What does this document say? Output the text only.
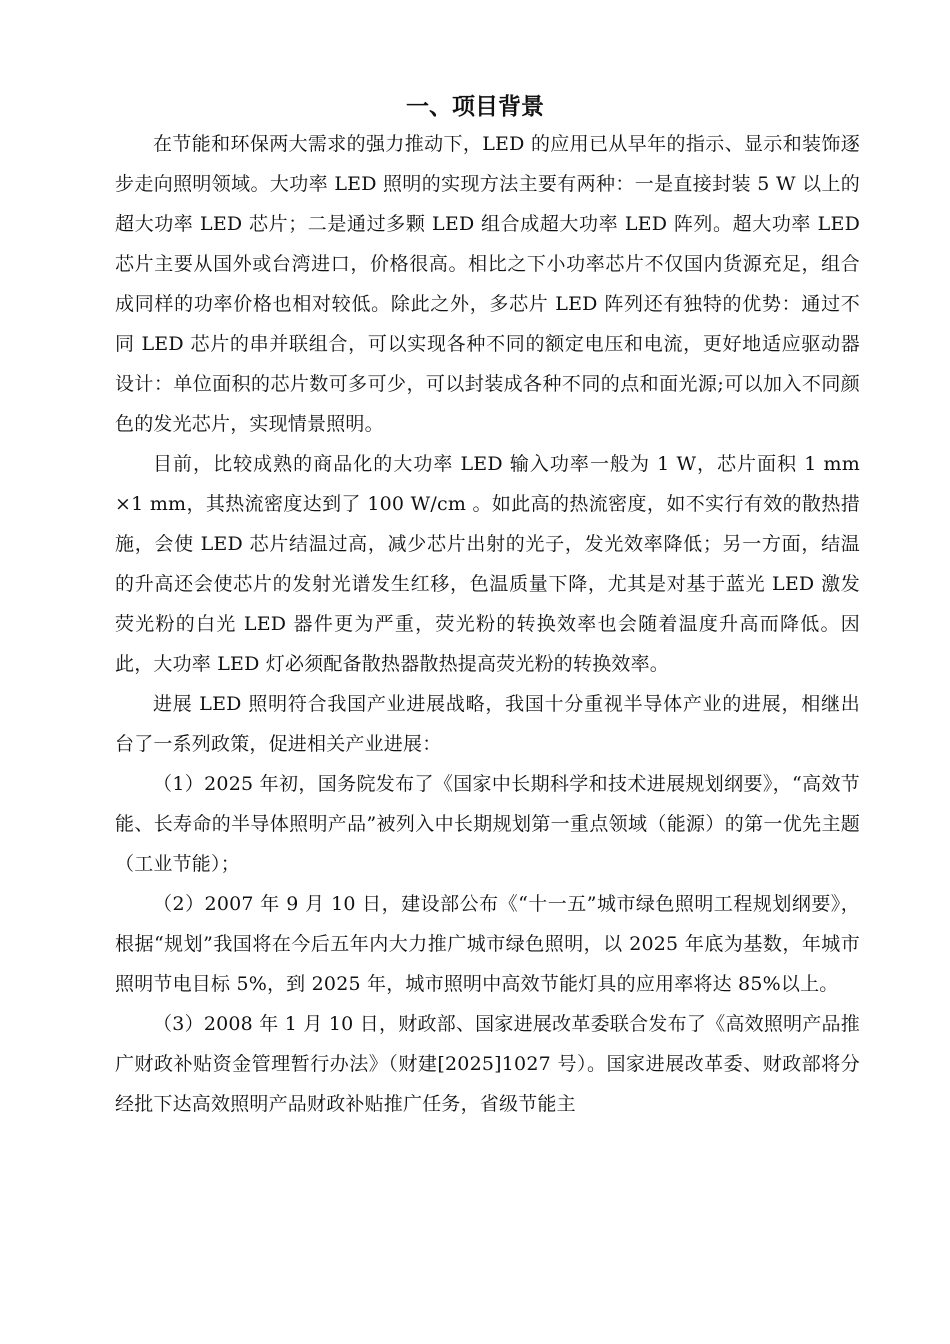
一、项目背景

在节能和环保两大需求的强力推动下，LED 的应用已从早年的指示、显示和装饰逐步走向照明领域。大功率 LED 照明的实现方法主要有两种：一是直接封装 5 W 以上的超大功率 LED 芯片；二是通过多颗 LED 组合成超大功率 LED 阵列。超大功率 LED 芯片主要从国外或台湾进口，价格很高。相比之下小功率芯片不仅国内货源充足，组合成同样的功率价格也相对较低。除此之外，多芯片 LED 阵列还有独特的优势：通过不同 LED 芯片的串并联组合，可以实现各种不同的额定电压和电流，更好地适应驱动器设计：单位面积的芯片数可多可少，可以封装成各种不同的点和面光源;可以加入不同颜色的发光芯片，实现情景照明。

目前，比较成熟的商品化的大功率 LED 输入功率一般为 1 W，芯片面积 1 mm ×1 mm，其热流密度达到了 100 W/cm 。如此高的热流密度，如不实行有效的散热措施，会使 LED 芯片结温过高，减少芯片出射的光子，发光效率降低；另一方面，结温的升高还会使芯片的发射光谱发生红移，色温质量下降，尤其是对基于蓝光 LED 激发荧光粉的白光 LED 器件更为严重，荧光粉的转换效率也会随着温度升高而降低。因此，大功率 LED 灯必须配备散热器散热提高荧光粉的转换效率。

进展 LED 照明符合我国产业进展战略，我国十分重视半导体产业的进展，相继出台了一系列政策，促进相关产业进展：

（1）2025 年初，国务院发布了《国家中长期科学和技术进展规划纲要》，“高效节能、长寿命的半导体照明产品”被列入中长期规划第一重点领域（能源）的第一优先主题（工业节能）；

（2）2007 年 9 月 10 日，建设部公布《“十一五”城市绿色照明工程规划纲要》，根据“规划”我国将在今后五年内大力推广城市绿色照明，以 2025 年底为基数，年城市照明节电目标 5%，到 2025 年，城市照明中高效节能灯具的应用率将达 85%以上。

（3）2008 年 1 月 10 日，财政部、国家进展改革委联合发布了《高效照明产品推广财政补贴资金管理暂行办法》（财建[2025]1027 号）。国家进展改革委、财政部将分经批下达高效照明产品财政补贴推广任务，省级节能主
